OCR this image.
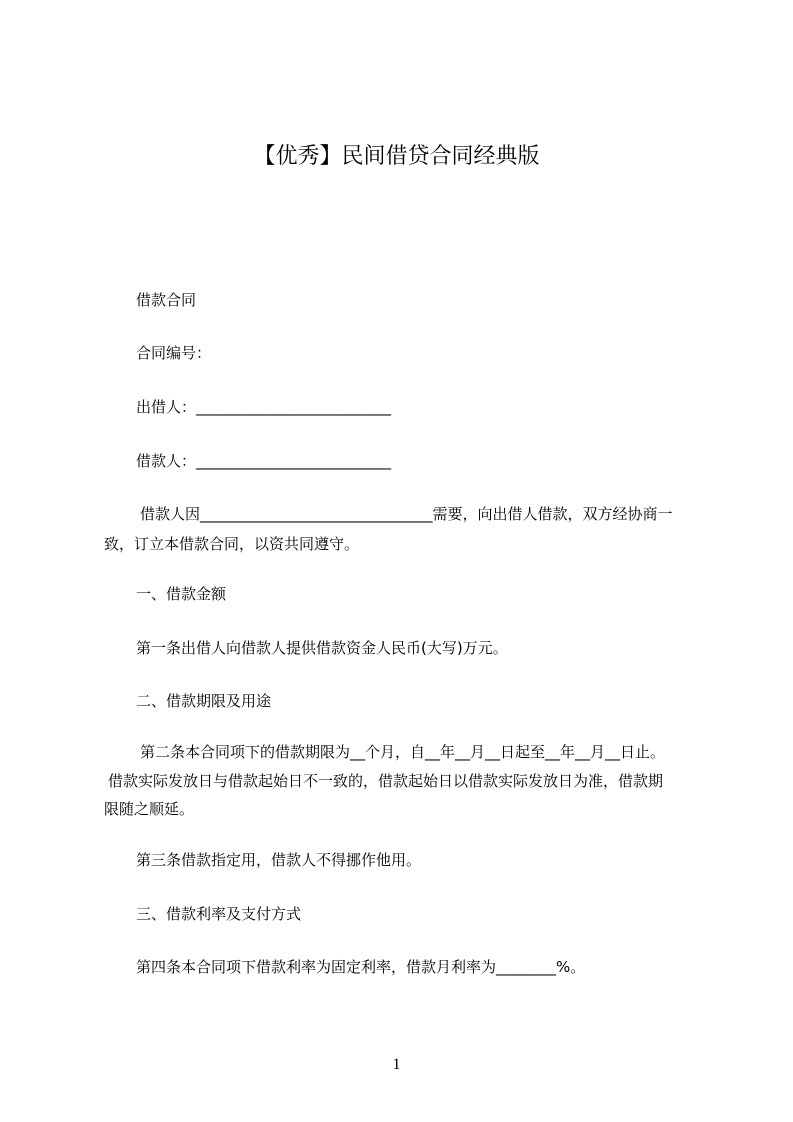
【优秀】民间借贷合同经典版
借款合同
合同编号：
出借人：__________________________
借款人：__________________________
借款人因_______________________________需要，向出借人借款，双方经协商一
致，订立本借款合同，以资共同遵守。
一、借款金额
第一条出借人向借款人提供借款资金人民币(大写)万元。
二、借款期限及用途
第二条本合同项下的借款期限为__个月，自__年__月__日起至__年__月__日止。
借款实际发放日与借款起始日不一致的，借款起始日以借款实际发放日为准，借款期
限随之顺延。
第三条借款指定用，借款人不得挪作他用。
三、借款利率及支付方式
第四条本合同项下借款利率为固定利率，借款月利率为________%。
1
